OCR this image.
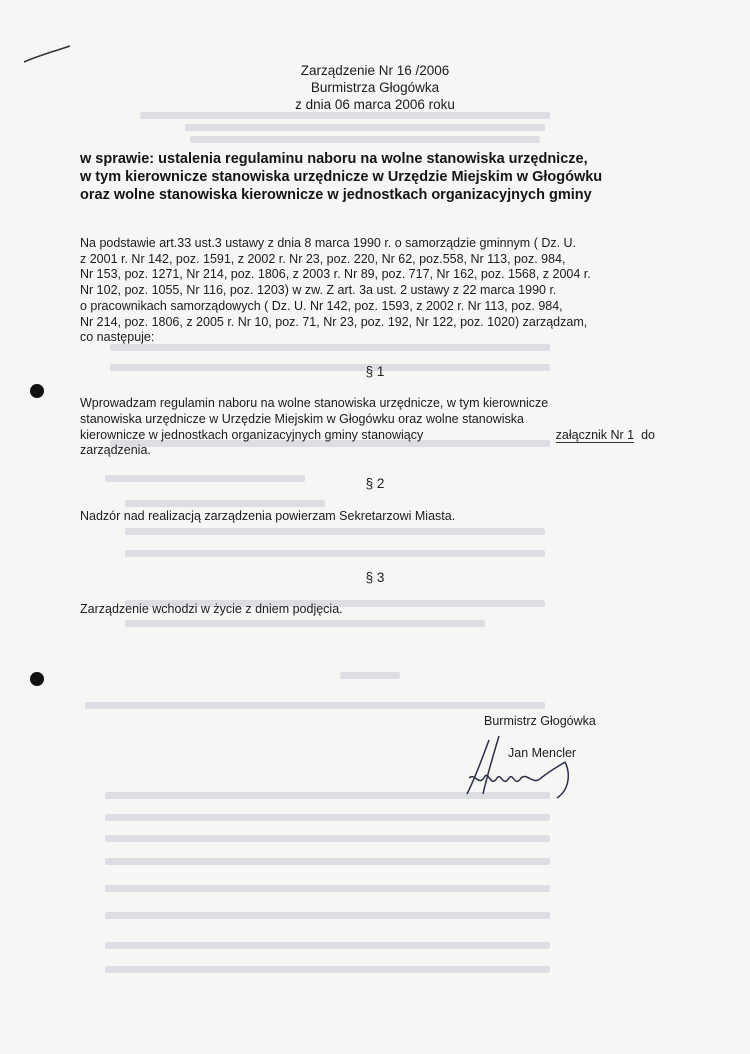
Zarządzenie Nr 16 /2006
Burmistrza Głogówka
z dnia 06 marca 2006 roku
w sprawie: ustalenia regulaminu naboru na wolne stanowiska urzędnicze,
w tym kierownicze stanowiska urzędnicze w Urzędzie Miejskim w Głogówku
oraz wolne stanowiska kierownicze w jednostkach organizacyjnych gminy
Na podstawie art.33 ust.3 ustawy z dnia 8 marca 1990 r. o samorządzie gminnym ( Dz. U.
z 2001 r. Nr 142, poz. 1591, z 2002 r. Nr 23, poz. 220, Nr 62, poz.558, Nr 113, poz. 984,
Nr 153, poz. 1271, Nr 214, poz. 1806, z 2003 r. Nr 89, poz. 717, Nr 162, poz. 1568, z 2004 r.
Nr 102, poz. 1055, Nr 116, poz. 1203) w zw. Z art. 3a ust. 2 ustawy z 22 marca 1990 r.
o pracownikach samorządowych ( Dz. U. Nr 142, poz. 1593, z 2002 r. Nr 113, poz. 984,
Nr 214, poz. 1806, z 2005 r. Nr 10, poz. 71, Nr 23, poz. 192, Nr 122, poz. 1020) zarządzam,
co następuje:
§ 1
Wprowadzam regulamin naboru na wolne stanowiska urzędnicze, w tym kierownicze
stanowiska urzędnicze w Urzędzie Miejskim w Głogówku oraz wolne stanowiska
kierownicze w jednostkach organizacyjnych gminy stanowiący	załącznik Nr 1 do
zarządzenia.
§ 2
Nadzór nad realizacją zarządzenia powierzam Sekretarzowi Miasta.
§ 3
Zarządzenie wchodzi w życie z dniem podjęcia.
Burmistrz Głogówka
Jan Mencler
